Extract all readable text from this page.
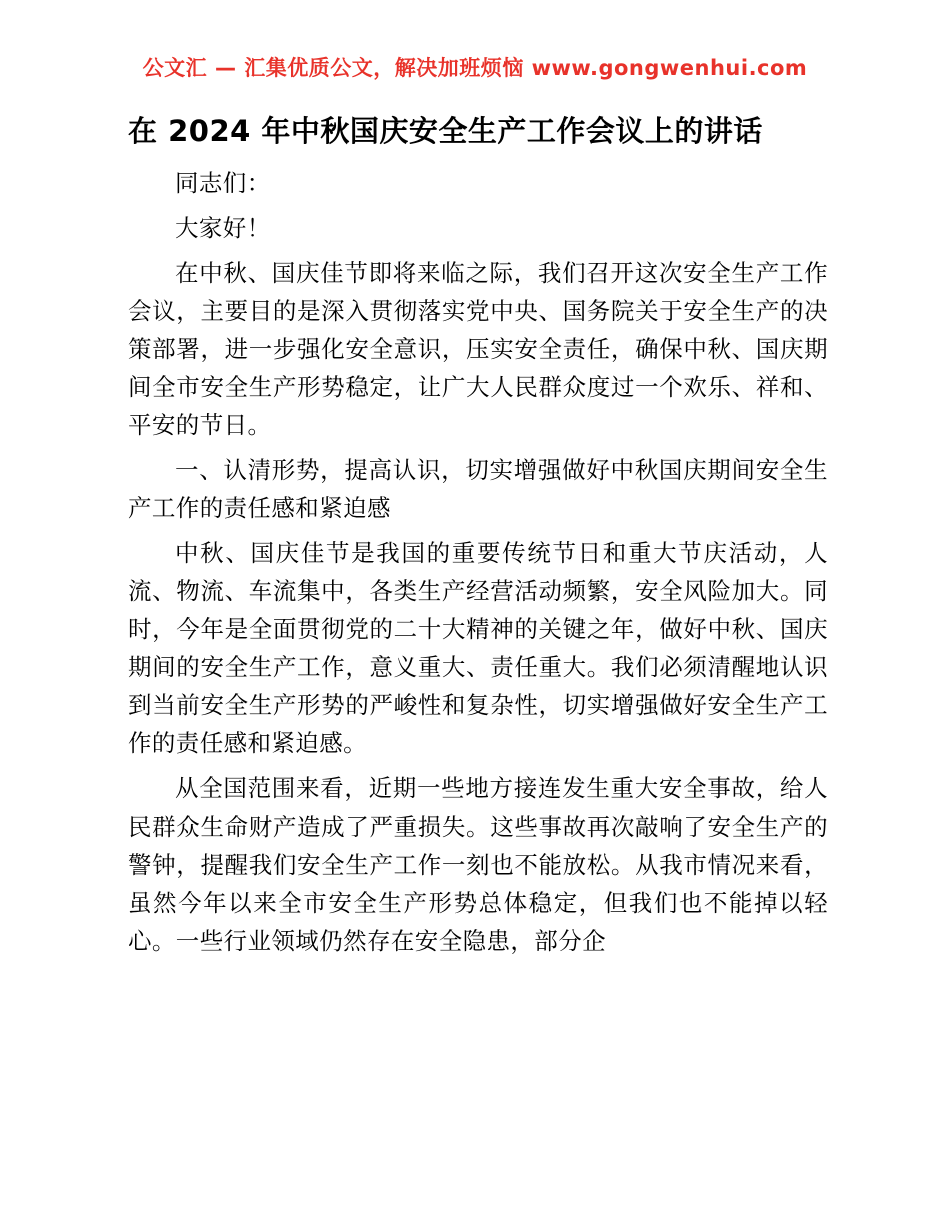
公文汇 — 汇集优质公文，解决加班烦恼 www.gongwenhui.com
在 2024 年中秋国庆安全生产工作会议上的讲话

同志们：

大家好！

在中秋、国庆佳节即将来临之际，我们召开这次安全生产工作会议，主要目的是深入贯彻落实党中央、国务院关于安全生产的决策部署，进一步强化安全意识，压实安全责任，确保中秋、国庆期间全市安全生产形势稳定，让广大人民群众度过一个欢乐、祥和、平安的节日。

一、认清形势，提高认识，切实增强做好中秋国庆期间安全生产工作的责任感和紧迫感

中秋、国庆佳节是我国的重要传统节日和重大节庆活动，人流、物流、车流集中，各类生产经营活动频繁，安全风险加大。同时，今年是全面贯彻党的二十大精神的关键之年，做好中秋、国庆期间的安全生产工作，意义重大、责任重大。我们必须清醒地认识到当前安全生产形势的严峻性和复杂性，切实增强做好安全生产工作的责任感和紧迫感。

从全国范围来看，近期一些地方接连发生重大安全事故，给人民群众生命财产造成了严重损失。这些事故再次敲响了安全生产的警钟，提醒我们安全生产工作一刻也不能放松。从我市情况来看，虽然今年以来全市安全生产形势总体稳定，但我们也不能掉以轻心。一些行业领域仍然存在安全隐患，部分企
